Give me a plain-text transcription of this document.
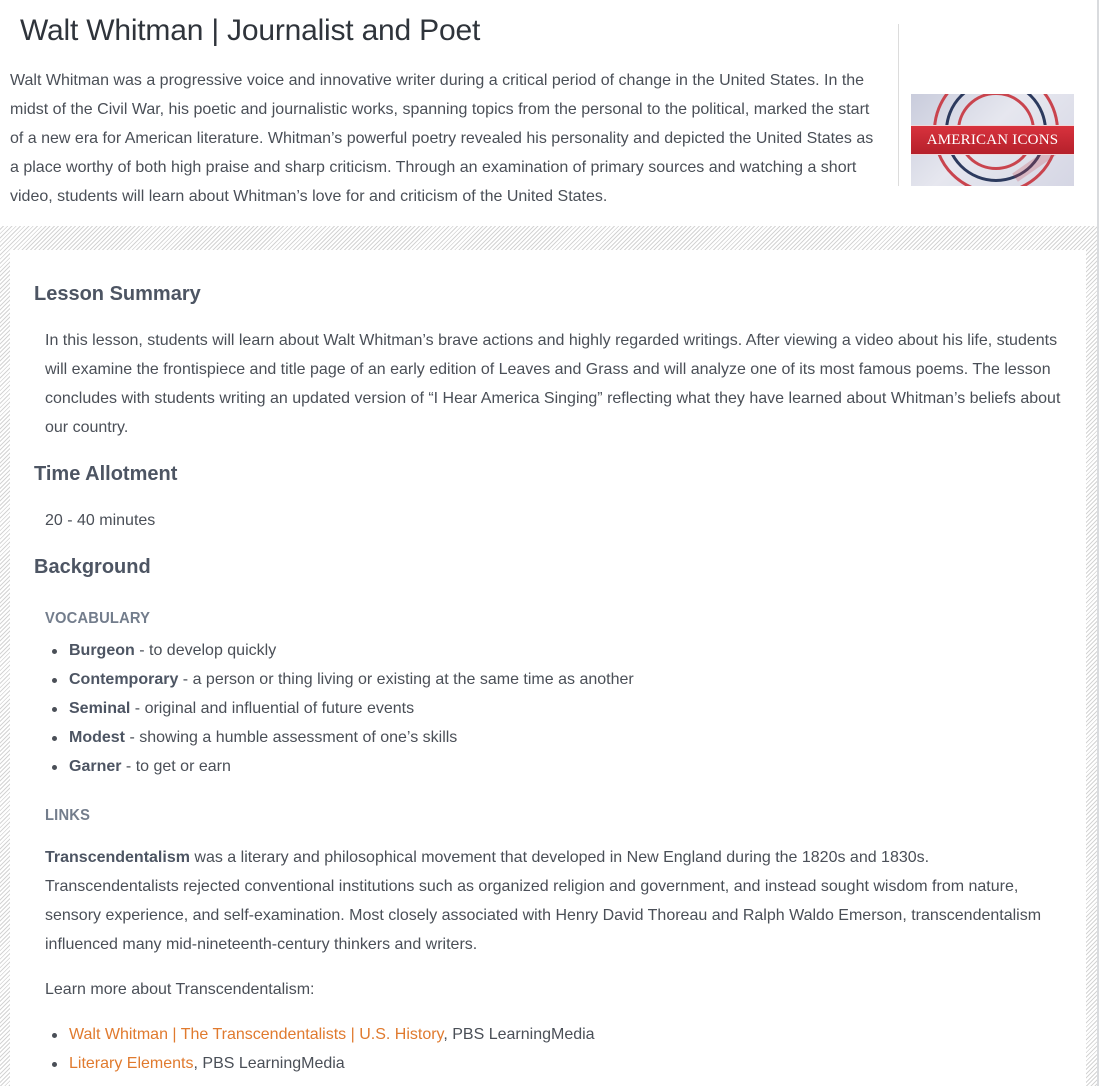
Walt Whitman | Journalist and Poet

Walt Whitman was a progressive voice and innovative writer during a critical period of change in the United States. In the midst of the Civil War, his poetic and journalistic works, spanning topics from the personal to the political, marked the start of a new era for American literature. Whitman’s powerful poetry revealed his personality and depicted the United States as a place worthy of both high praise and sharp criticism. Through an examination of primary sources and watching a short video, students will learn about Whitman’s love for and criticism of the United States.

AMERICAN ICONS
Lesson Summary

In this lesson, students will learn about Walt Whitman’s brave actions and highly regarded writings. After viewing a video about his life, students will examine the frontispiece and title page of an early edition of Leaves and Grass and will analyze one of its most famous poems. The lesson concludes with students writing an updated version of “I Hear America Singing” reflecting what they have learned about Whitman’s beliefs about our country.

Time Allotment

20 - 40 minutes

Background
VOCABULARY
Burgeon - to develop quickly
Contemporary - a person or thing living or existing at the same time as another
Seminal - original and influential of future events
Modest - showing a humble assessment of one’s skills
Garner - to get or earn
LINKS

Transcendentalism was a literary and philosophical movement that developed in New England during the 1820s and 1830s. Transcendentalists rejected conventional institutions such as organized religion and government, and instead sought wisdom from nature, sensory experience, and self-examination. Most closely associated with Henry David Thoreau and Ralph Waldo Emerson, transcendentalism influenced many mid-nineteenth-century thinkers and writers.

Learn more about Transcendentalism:

Walt Whitman | The Transcendentalists | U.S. History, PBS LearningMedia
Literary Elements, PBS LearningMedia
